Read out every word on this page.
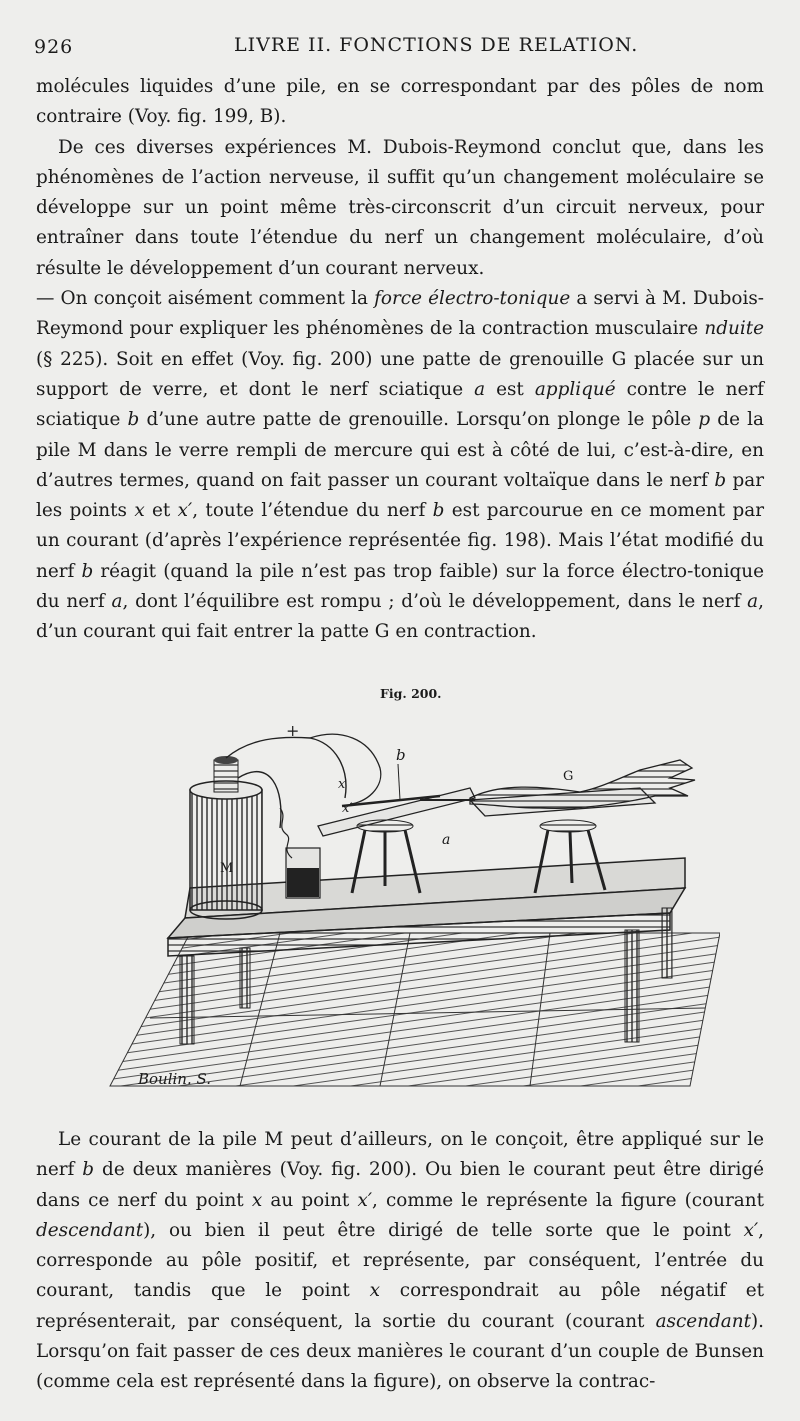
926	LIVRE II. FONCTIONS DE RELATION.

molécules liquides d’une pile, en se correspondant par des pôles de nom contraire (Voy. fig. 199, B).

De ces diverses expériences M. Dubois-Reymond conclut que, dans les phénomènes de l’action nerveuse, il suffit qu’un changement moléculaire se développe sur un point même très-circonscrit d’un circuit nerveux, pour entraîner dans toute l’étendue du nerf un changement moléculaire, d’où résulte le développement d’un courant nerveux.

— On conçoit aisément comment la force électro-tonique a servi à M. Dubois-Reymond pour expliquer les phénomènes de la contraction musculaire nduite (§ 225). Soit en effet (Voy. fig. 200) une patte de grenouille G placée sur un support de verre, et dont le nerf sciatique a est appliqué contre le nerf sciatique b d’une autre patte de grenouille. Lorsqu’on plonge le pôle p de la pile M dans le verre rempli de mercure qui est à côté de lui, c’est-à-dire, en d’autres termes, quand on fait passer un courant voltaïque dans le nerf b par les points x et x′, toute l’étendue du nerf b est parcourue en ce moment par un courant (d’après l’expérience représentée fig. 198). Mais l’état modifié du nerf b réagit (quand la pile n’est pas trop faible) sur la force électro-tonique du nerf a, dont l’équilibre est rompu ; d’où le développement, dans le nerf a, d’un courant qui fait entrer la patte G en contraction.

Fig. 200.
M
+
b
x
x′
a
G
Boulin. S.

Le courant de la pile M peut d’ailleurs, on le conçoit, être appliqué sur le nerf b de deux manières (Voy. fig. 200). Ou bien le courant peut être dirigé dans ce nerf du point x au point x′, comme le représente la figure (courant descendant), ou bien il peut être dirigé de telle sorte que le point x′, corresponde au pôle positif, et représente, par conséquent, l’entrée du courant, tandis que le point x correspondrait au pôle négatif et représenterait, par conséquent, la sortie du courant (courant ascendant). Lorsqu’on fait passer de ces deux manières le courant d’un couple de Bunsen (comme cela est représenté dans la figure), on observe la contrac-
